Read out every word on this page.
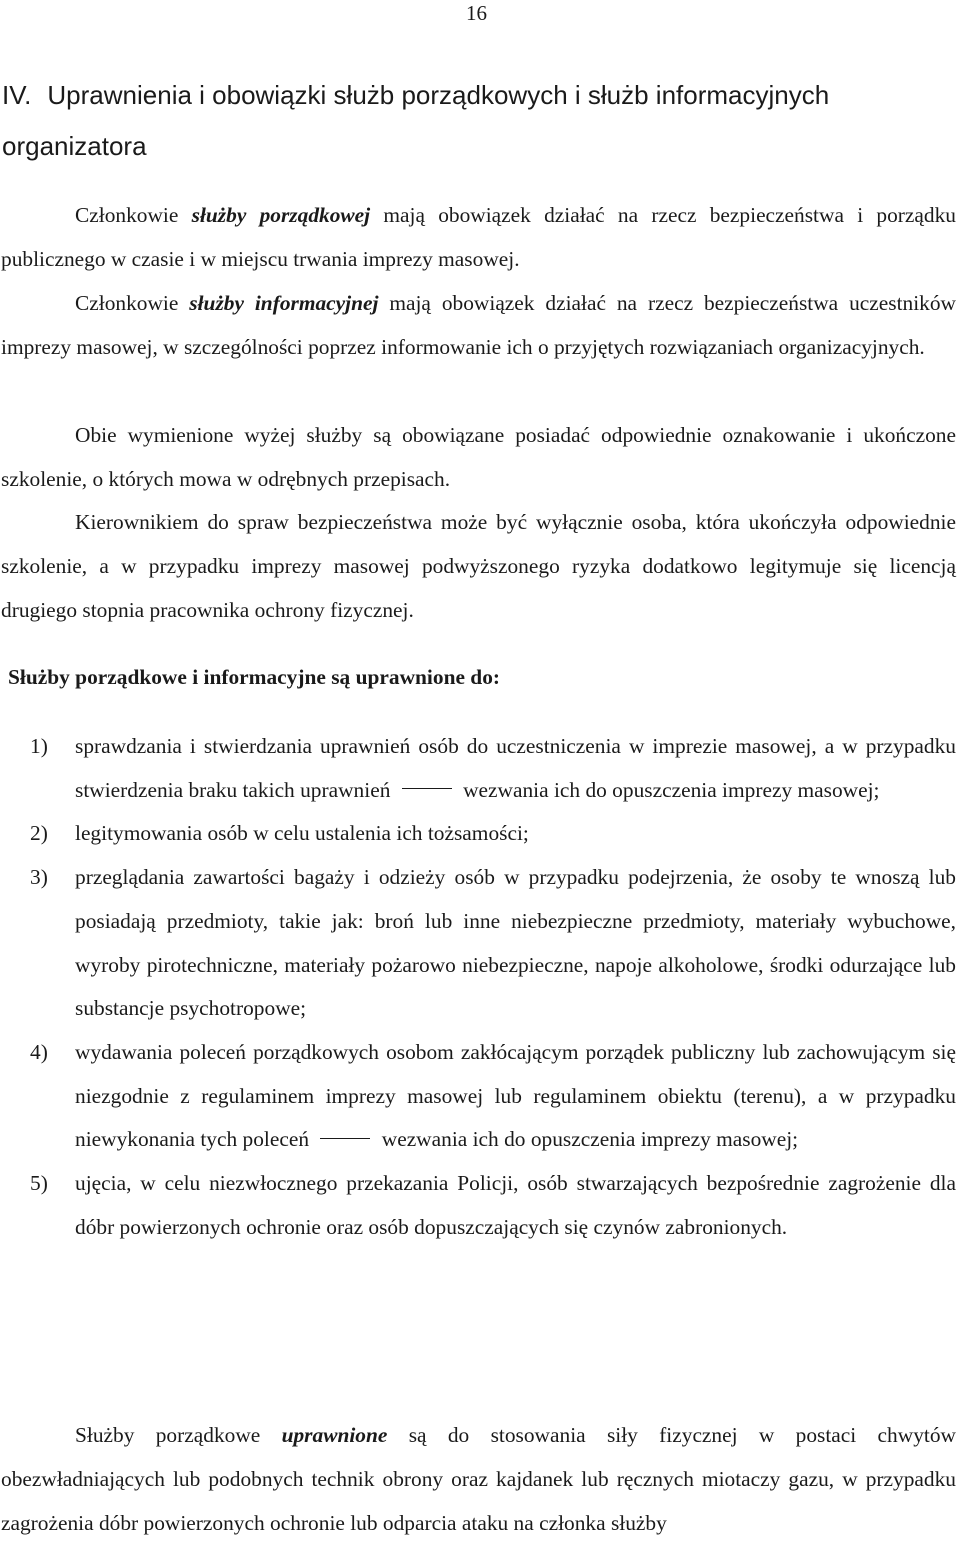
16
IV. Uprawnienia i obowiązki służb porządkowych i służb informacyjnych organizatora

Członkowie służby porządkowej mają obowiązek działać na rzecz bezpieczeństwa i porządku publicznego w czasie i w miejscu trwania imprezy masowej.

Członkowie służby informacyjnej mają obowiązek działać na rzecz bezpieczeństwa uczestników imprezy masowej, w szczególności poprzez informowanie ich o przyjętych rozwiązaniach organizacyjnych.

Obie wymienione wyżej służby są obowiązane posiadać odpowiednie oznakowanie i ukończone szkolenie, o których mowa w odrębnych przepisach.

Kierownikiem do spraw bezpieczeństwa może być wyłącznie osoba, która ukończyła odpowiednie szkolenie, a w przypadku imprezy masowej podwyższonego ryzyka dodatkowo legitymuje się licencją drugiego stopnia pracownika ochrony fizycznej.

Służby porządkowe i informacyjne są uprawnione do:
1) sprawdzania i stwierdzania uprawnień osób do uczestniczenia w imprezie masowej, a w przypadku stwierdzenia braku takich uprawnień	wezwania ich do opuszczenia imprezy masowej;
2) legitymowania osób w celu ustalenia ich tożsamości;
3) przeglądania zawartości bagaży i odzieży osób w przypadku podejrzenia, że osoby te wnoszą lub posiadają przedmioty, takie jak: broń lub inne niebezpieczne przedmioty, materiały wybuchowe, wyroby pirotechniczne, materiały pożarowo niebezpieczne, napoje alkoholowe, środki odurzające lub substancje psychotropowe;
4) wydawania poleceń porządkowych osobom zakłócającym porządek publiczny lub zachowującym się niezgodnie z regulaminem imprezy masowej lub regulaminem obiektu (terenu), a w przypadku niewykonania tych poleceń	wezwania ich do opuszczenia imprezy masowej;
5) ujęcia, w celu niezwłocznego przekazania Policji, osób stwarzających bezpośrednie zagrożenie dla dóbr powierzonych ochronie oraz osób dopuszczających się czynów zabronionych.

Służby porządkowe uprawnione są do stosowania siły fizycznej w postaci chwytów obezwładniających lub podobnych technik obrony oraz kajdanek lub ręcznych miotaczy gazu, w przypadku zagrożenia dóbr powierzonych ochronie lub odparcia ataku na członka służby
